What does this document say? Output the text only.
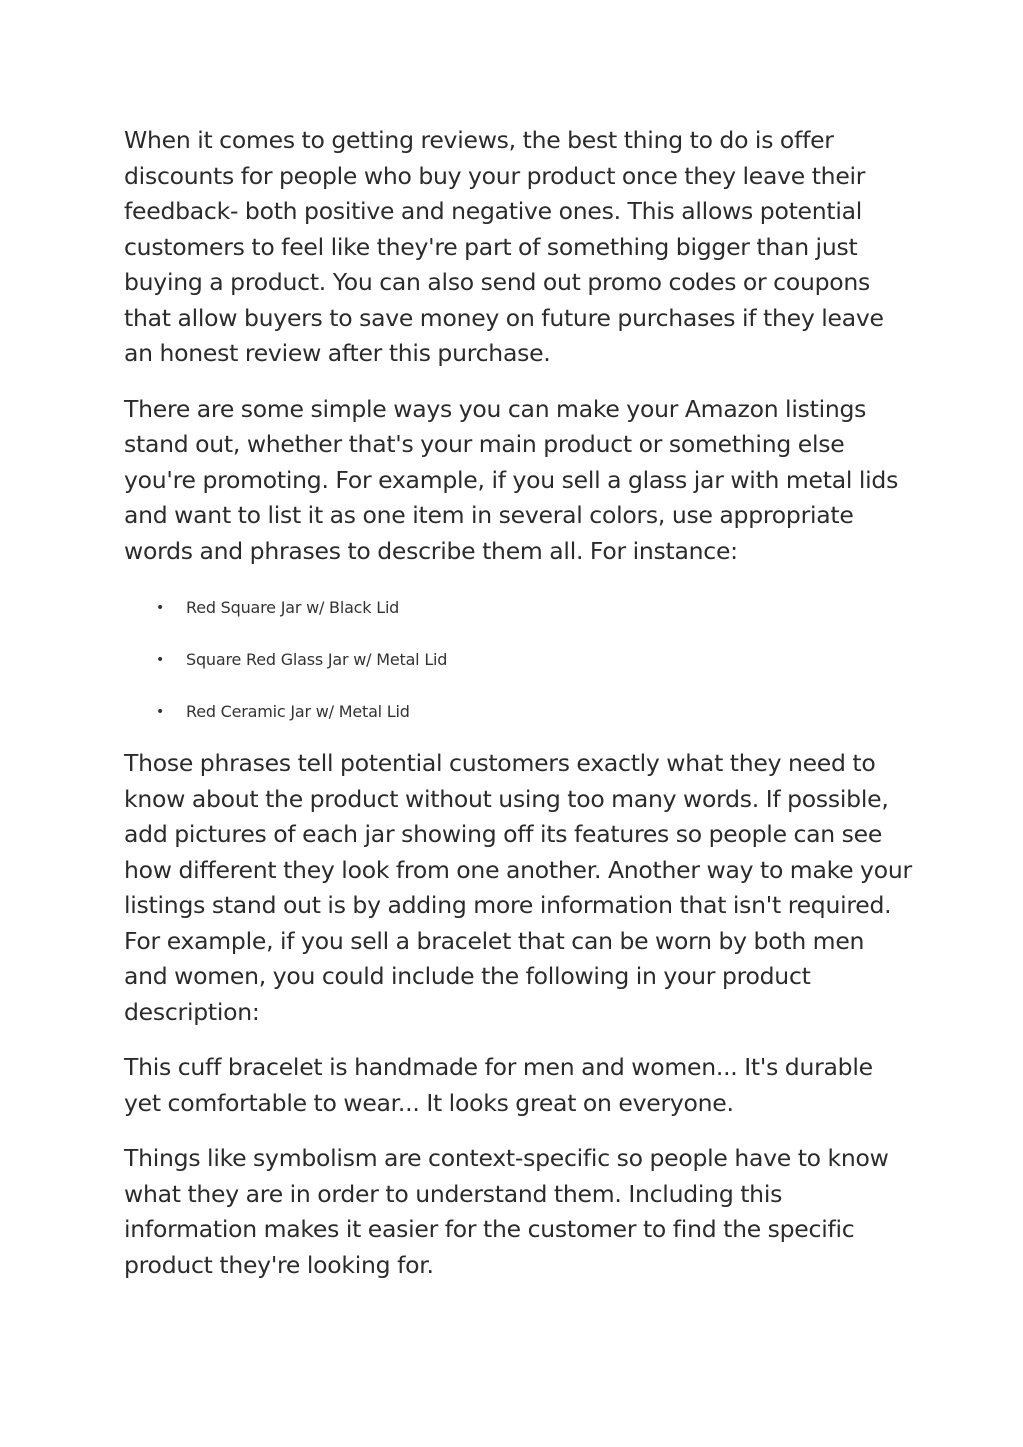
When it comes to getting reviews, the best thing to do is offer discounts for people who buy your product once they leave their feedback- both positive and negative ones. This allows potential customers to feel like they're part of something bigger than just buying a product. You can also send out promo codes or coupons that allow buyers to save money on future purchases if they leave an honest review after this purchase.

There are some simple ways you can make your Amazon listings stand out, whether that's your main product or something else you're promoting. For example, if you sell a glass jar with metal lids and want to list it as one item in several colors, use appropriate words and phrases to describe them all. For instance:

• Red Square Jar w/ Black Lid
• Square Red Glass Jar w/ Metal Lid
• Red Ceramic Jar w/ Metal Lid

Those phrases tell potential customers exactly what they need to know about the product without using too many words. If possible, add pictures of each jar showing off its features so people can see how different they look from one another. Another way to make your listings stand out is by adding more information that isn't required. For example, if you sell a bracelet that can be worn by both men and women, you could include the following in your product description:

This cuff bracelet is handmade for men and women... It's durable yet comfortable to wear... It looks great on everyone.

Things like symbolism are context-specific so people have to know what they are in order to understand them. Including this information makes it easier for the customer to find the specific product they're looking for.
